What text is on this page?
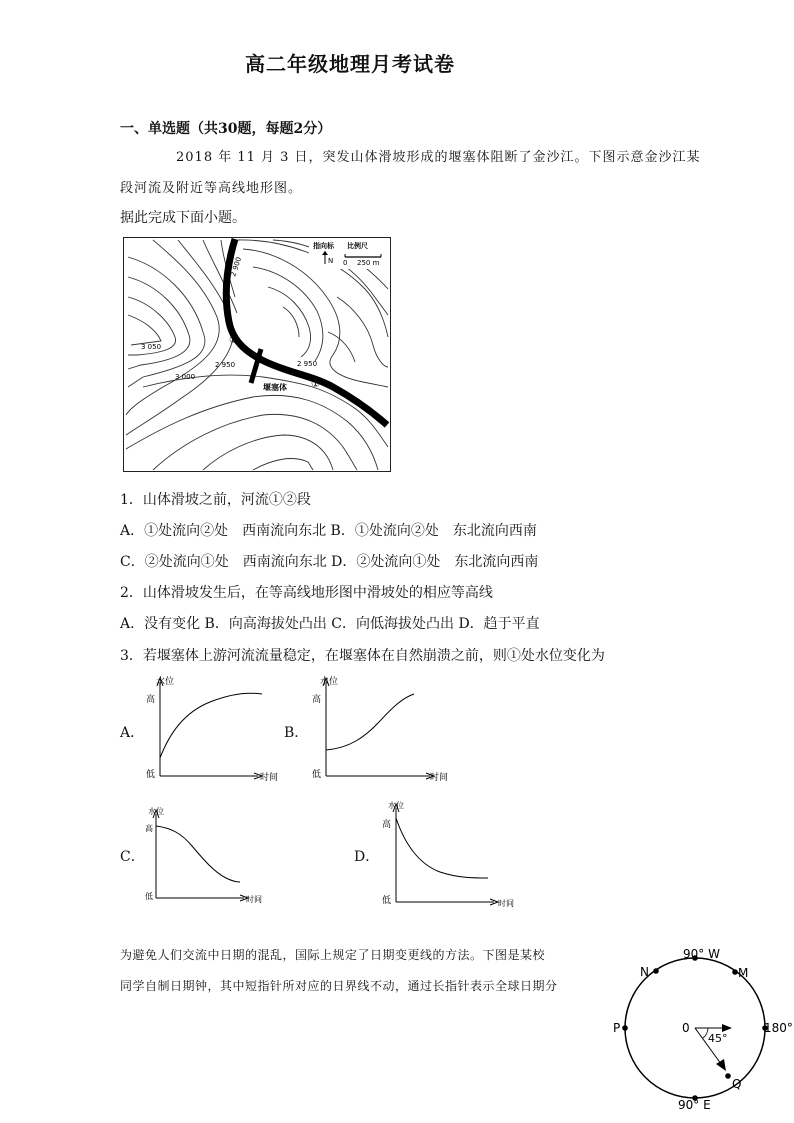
高二年级地理月考试卷
一、单选题（共30题，每题2分）
2018 年 11 月 3 日，突发山体滑坡形成的堰塞体阻断了金沙江。下图示意金沙江某
段河流及附近等高线地形图。
据此完成下面小题。
2 900
3 050
3 000
2 950	2 950
②
①
堰塞体
指向标 比例尺
N 0 250 m
1．山体滑坡之前，河流①②段
A．①处流向②处　西南流向东北 B．①处流向②处　东北流向西南
C．②处流向①处　西南流向东北 D．②处流向①处　东北流向西南
2．山体滑坡发生后，在等高线地形图中滑坡处的相应等高线
A．没有变化 B．向高海拔处凸出 C．向低海拔处凸出 D．趋于平直
3．若堰塞体上游河流流量稳定，在堰塞体在自然崩溃之前，则①处水位变化为
A．
水位
高
低	时间
B．
水位
高
低	时间
C．
水位
高
低	时间
D．
水位
高
低	时间
为避免人们交流中日期的混乱，国际上规定了日期变更线的方法。下图是某校
同学自制日期钟，其中短指针所对应的日界线不动，通过长指针表示全球日期分
90° W
90° E
P	180°
N	M
Q
0
45°
